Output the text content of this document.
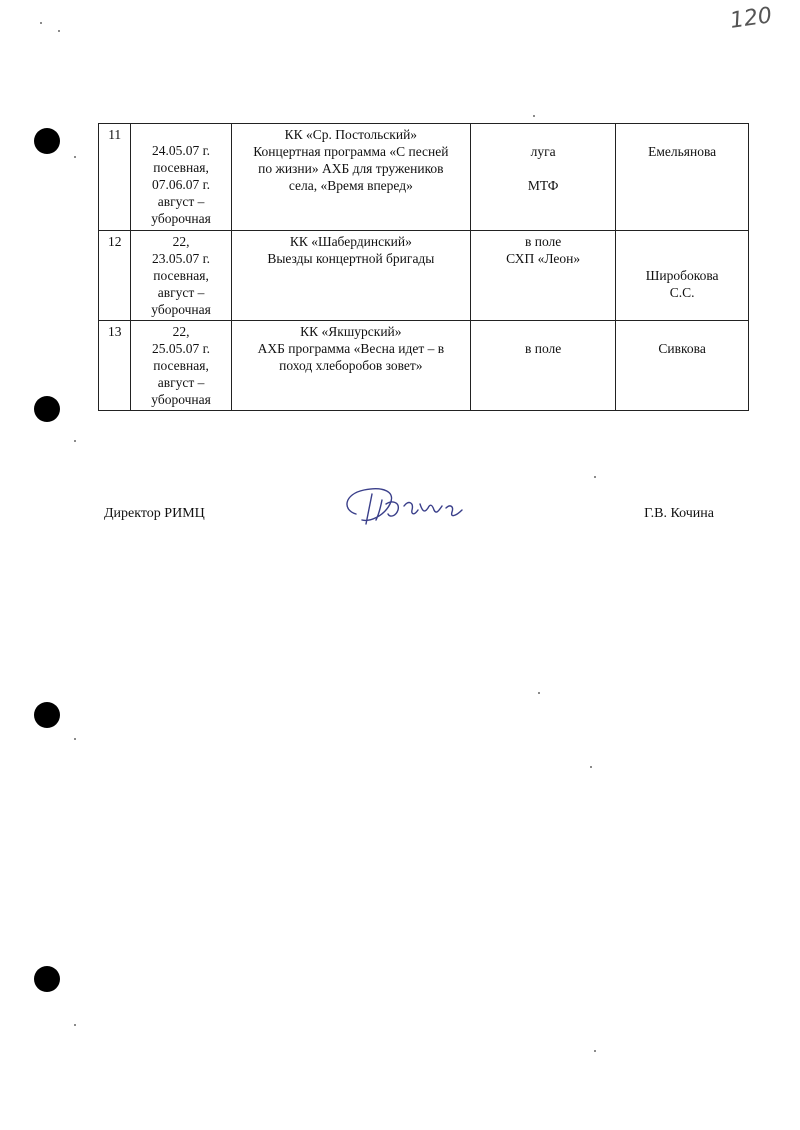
120
11	24.05.07 г.
посевная,
07.06.07 г.
август –
уборочная	КК «Ср. Постольский»
Концертная программа «С песней
по жизни» АХБ для тружеников
села, «Время вперед»	луга
МТФ	Емельянова

12	22,
23.05.07 г.
посевная,
август –
уборочная	КК «Шабердинский»
Выезды концертной бригады	в поле
СХП «Леон»	Широбокова
С.С.

13	22,
25.05.07 г.
посевная,
август –
уборочная	КК «Якшурский»
АХБ программа «Весна идет – в
поход хлеборобов зовет»	в поле	Сивкова
Директор РИМЦ	Г.В. Кочина
